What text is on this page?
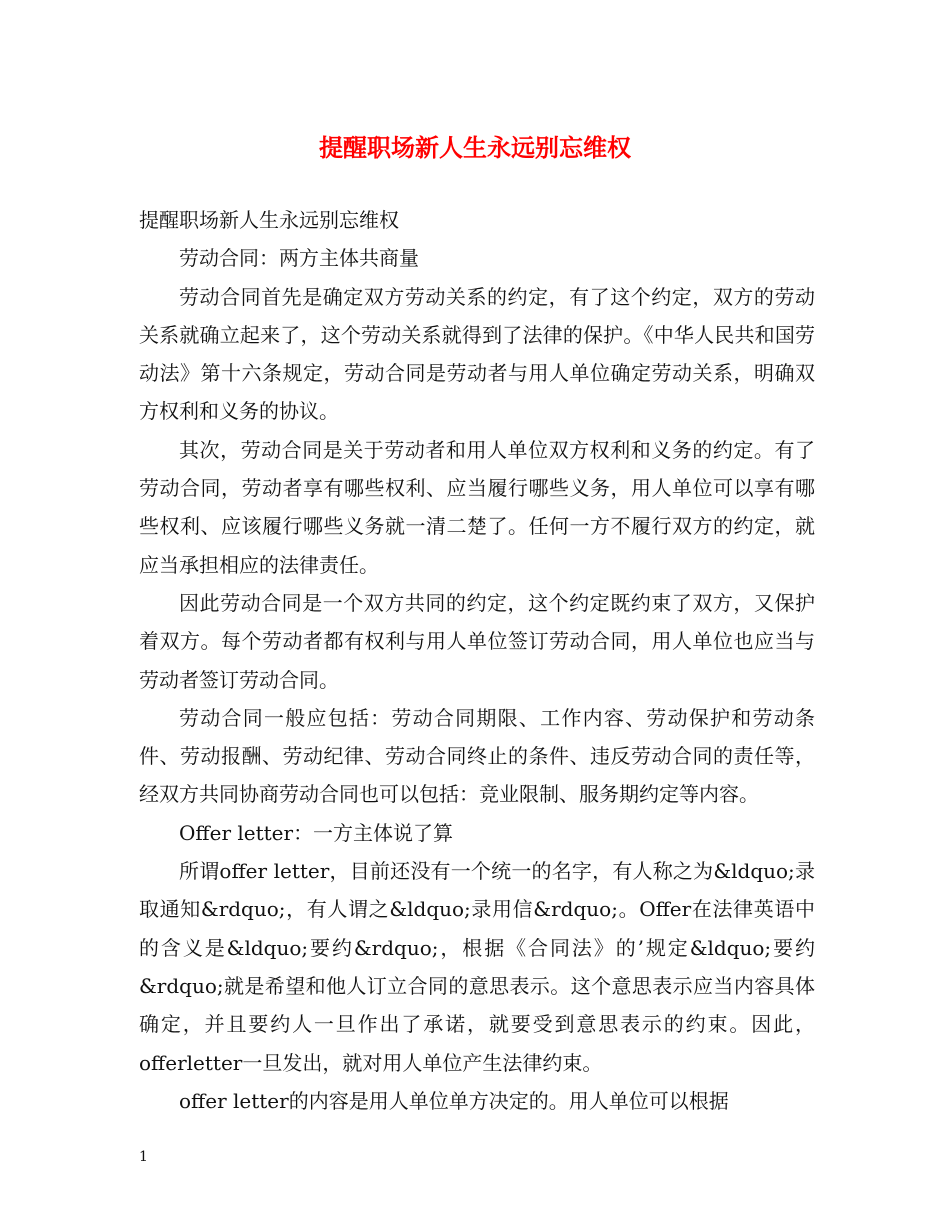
提醒职场新人生永远别忘维权

提醒职场新人生永远别忘维权

劳动合同：两方主体共商量

劳动合同首先是确定双方劳动关系的约定，有了这个约定，双方的劳动关系就确立起来了，这个劳动关系就得到了法律的保护。《中华人民共和国劳动法》第十六条规定，劳动合同是劳动者与用人单位确定劳动关系，明确双方权利和义务的协议。

其次，劳动合同是关于劳动者和用人单位双方权利和义务的约定。有了劳动合同，劳动者享有哪些权利、应当履行哪些义务，用人单位可以享有哪些权利、应该履行哪些义务就一清二楚了。任何一方不履行双方的约定，就应当承担相应的法律责任。

因此劳动合同是一个双方共同的约定，这个约定既约束了双方，又保护着双方。每个劳动者都有权利与用人单位签订劳动合同，用人单位也应当与劳动者签订劳动合同。

劳动合同一般应包括：劳动合同期限、工作内容、劳动保护和劳动条件、劳动报酬、劳动纪律、劳动合同终止的条件、违反劳动合同的责任等，经双方共同协商劳动合同也可以包括：竞业限制、服务期约定等内容。

Offer letter：一方主体说了算

所谓offer letter，目前还没有一个统一的名字，有人称之为&ldquo;录取通知&rdquo;，有人谓之&ldquo;录用信&rdquo;。Offer在法律英语中的含义是&ldquo;要约&rdquo;，根据《合同法》的’规定&ldquo;要约&rdquo;就是希望和他人订立合同的意思表示。这个意思表示应当内容具体确定，并且要约人一旦作出了承诺，就要受到意思表示的约束。因此，offerletter一旦发出，就对用人单位产生法律约束。

offer letter的内容是用人单位单方决定的。用人单位可以根据

1
